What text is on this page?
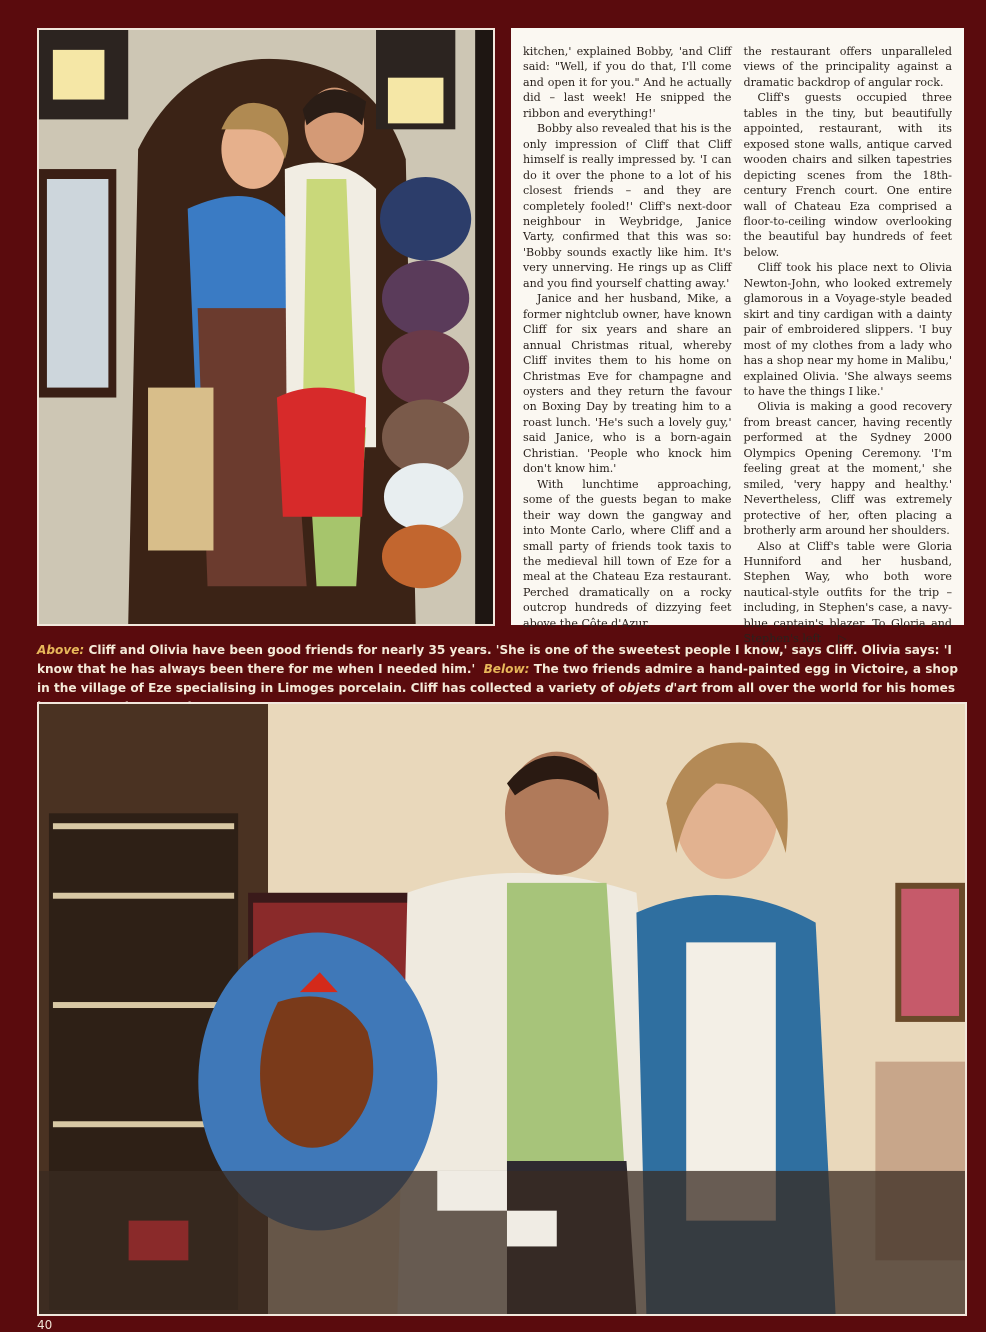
kitchen,' explained Bobby, 'and Cliff said: "Well, if you do that, I'll come and open it for you." And he actually did – last week! He snipped the ribbon and everything!'

Bobby also revealed that his is the only impression of Cliff that Cliff himself is really impressed by. 'I can do it over the phone to a lot of his closest friends – and they are completely fooled!' Cliff's next-door neighbour in Weybridge, Janice Varty, confirmed that this was so: 'Bobby sounds exactly like him. It's very unnerving. He rings up as Cliff and you find yourself chatting away.'

Janice and her husband, Mike, a former nightclub owner, have known Cliff for six years and share an annual Christmas ritual, whereby Cliff invites them to his home on Christmas Eve for champagne and oysters and they return the favour on Boxing Day by treating him to a roast lunch. 'He's such a lovely guy,' said Janice, who is a born-again Christian. 'People who knock him don't know him.'

With lunchtime approaching, some of the guests began to make their way down the gangway and into Monte Carlo, where Cliff and a small party of friends took taxis to the medieval hill town of Eze for a meal at the Chateau Eza restaurant. Perched dramatically on a rocky outcrop hundreds of dizzying feet above the Côte d'Azur,

the restaurant offers unparalleled views of the principality against a dramatic backdrop of angular rock.

Cliff's guests occupied three tables in the tiny, but beautifully appointed, restaurant, with its exposed stone walls, antique carved wooden chairs and silken tapestries depicting scenes from the 18th-century French court. One entire wall of Chateau Eza comprised a floor-to-ceiling window overlooking the beautiful bay hundreds of feet below.

Cliff took his place next to Olivia Newton-John, who looked extremely glamorous in a Voyage-style beaded skirt and tiny cardigan with a dainty pair of embroidered slippers. 'I buy most of my clothes from a lady who has a shop near my home in Malibu,' explained Olivia. 'She always seems to have the things I like.'

Olivia is making a good recovery from breast cancer, having recently performed at the Sydney 2000 Olympics Opening Ceremony. 'I'm feeling great at the moment,' she smiled, 'very happy and healthy.' Nevertheless, Cliff was extremely protective of her, often placing a brotherly arm around her shoulders.

Also at Cliff's table were Gloria Hunniford and her husband, Stephen Way, who both wore nautical-style outfits for the trip – including, in Stephen's case, a navy-blue captain's blazer. To Gloria and Stephen's left ▷

Above: Cliff and Olivia have been good friends for nearly 35 years. 'She is one of the sweetest people I know,' says Cliff. Olivia says: 'I know that he has always been there for me when I needed him.' Below: The two friends admire a hand-painted egg in Victoire, a shop in the village of Eze specialising in Limoges porcelain. Cliff has collected a variety of objets d'art from all over the world for his homes
40
